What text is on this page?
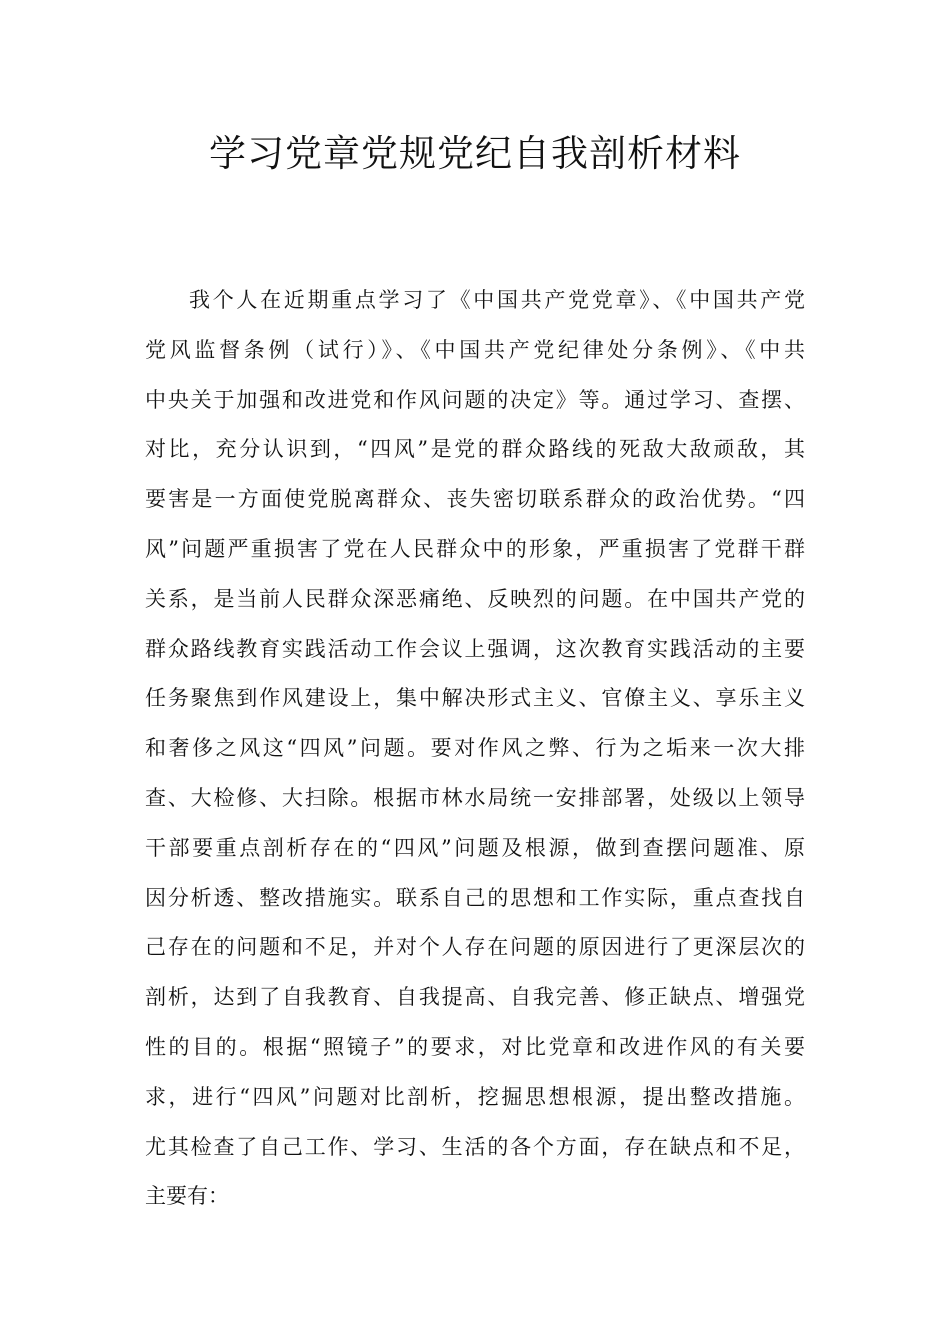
学习党章党规党纪自我剖析材料
我个人在近期重点学习了《中国共产党党章》、《中国共产党
党风监督条例（试行）》、《中国共产党纪律处分条例》、《中共
中央关于加强和改进党和作风问题的决定》等。通过学习、查摆、
对比，充分认识到，“四风”是党的群众路线的死敌大敌顽敌，其
要害是一方面使党脱离群众、丧失密切联系群众的政治优势。“四
风”问题严重损害了党在人民群众中的形象，严重损害了党群干群
关系，是当前人民群众深恶痛绝、反映烈的问题。在中国共产党的
群众路线教育实践活动工作会议上强调，这次教育实践活动的主要
任务聚焦到作风建设上，集中解决形式主义、官僚主义、享乐主义
和奢侈之风这“四风”问题。要对作风之弊、行为之垢来一次大排
查、大检修、大扫除。根据市林水局统一安排部署，处级以上领导
干部要重点剖析存在的“四风”问题及根源，做到查摆问题准、原
因分析透、整改措施实。联系自己的思想和工作实际，重点查找自
己存在的问题和不足，并对个人存在问题的原因进行了更深层次的
剖析，达到了自我教育、自我提高、自我完善、修正缺点、增强党
性的目的。根据“照镜子”的要求，对比党章和改进作风的有关要
求，进行“四风”问题对比剖析，挖掘思想根源，提出整改措施。
尤其检查了自己工作、学习、生活的各个方面，存在缺点和不足，
主要有：
